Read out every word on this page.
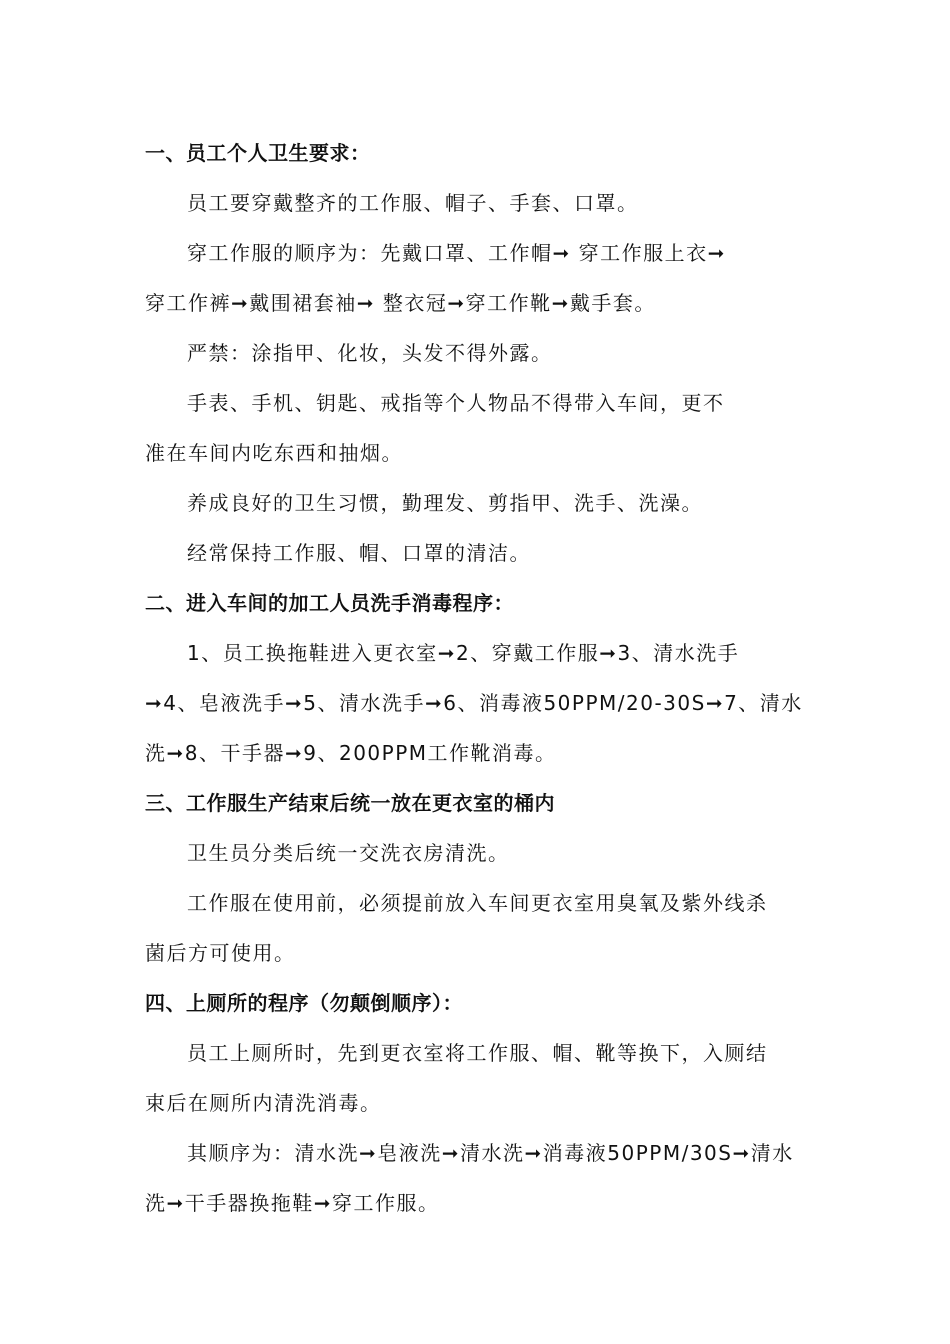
一、员工个人卫生要求：
员工要穿戴整齐的工作服、帽子、手套、口罩。
穿工作服的顺序为：先戴口罩、工作帽➞ 穿工作服上衣➞
穿工作裤➞戴围裙套袖➞ 整衣冠➞穿工作靴➞戴手套。
严禁：涂指甲、化妆，头发不得外露。
手表、手机、钥匙、戒指等个人物品不得带入车间，更不
准在车间内吃东西和抽烟。
养成良好的卫生习惯，勤理发、剪指甲、洗手、洗澡。
经常保持工作服、帽、口罩的清洁。
二、进入车间的加工人员洗手消毒程序：
1、员工换拖鞋进入更衣室➞2、穿戴工作服➞3、清水洗手
➞4、皂液洗手➞5、清水洗手➞6、消毒液50PPM/20-30S➞7、清水
洗➞8、干手器➞9、200PPM工作靴消毒。
三、工作服生产结束后统一放在更衣室的桶内
卫生员分类后统一交洗衣房清洗。
工作服在使用前，必须提前放入车间更衣室用臭氧及紫外线杀
菌后方可使用。
四、上厕所的程序（勿颠倒顺序）：
员工上厕所时，先到更衣室将工作服、帽、靴等换下，入厕结
束后在厕所内清洗消毒。
其顺序为：清水洗➞皂液洗➞清水洗➞消毒液50PPM/30S➞清水
洗➞干手器换拖鞋➞穿工作服。
